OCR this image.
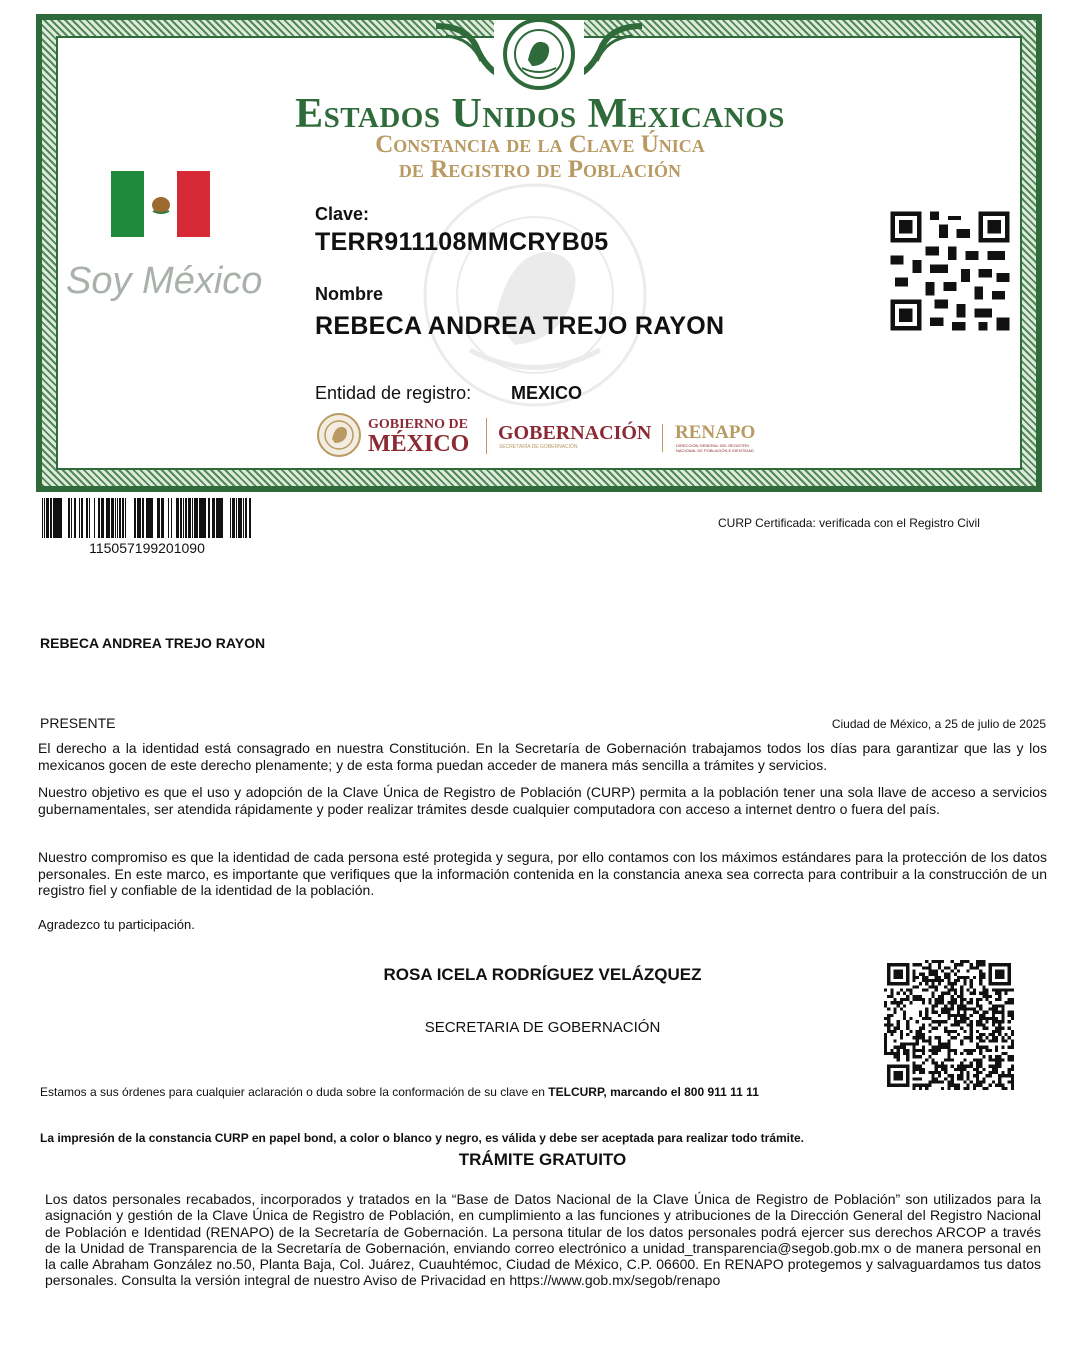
Estados Unidos Mexicanos
Constancia de la Clave Única
de Registro de Población
Soy México
Clave:
TERR911108MMCRYB05
Nombre
REBECA ANDREA TREJO RAYON
Entidad de registro: MEXICO
GOBIERNO DE
MÉXICO GOBERNACIÓN
SECRETARÍA DE GOBERNACIÓN
RENAPO
DIRECCIÓN GENERAL DEL REGISTRO
NACIONAL DE POBLACIÓN E IDENTIDAD
115057199201090
CURP Certificada: verificada con el Registro Civil
REBECA ANDREA TREJO RAYON
PRESENTE	Ciudad de México, a 25 de julio de 2025
El derecho a la identidad está consagrado en nuestra Constitución. En la Secretaría de Gobernación trabajamos todos los días para garantizar que las y los mexicanos gocen de este derecho plenamente; y de esta forma puedan acceder de manera más sencilla a trámites y servicios.
Nuestro objetivo es que el uso y adopción de la Clave Única de Registro de Población (CURP) permita a la población tener una sola llave de acceso a servicios gubernamentales, ser atendida rápidamente y poder realizar trámites desde cualquier computadora con acceso a internet dentro o fuera del país.
Nuestro compromiso es que la identidad de cada persona esté protegida y segura, por ello contamos con los máximos estándares para la protección de los datos personales. En este marco, es importante que verifiques que la información contenida en la constancia anexa sea correcta para contribuir a la construcción de un registro fiel y confiable de la identidad de la población.
Agradezco tu participación.
ROSA ICELA RODRÍGUEZ VELÁZQUEZ
SECRETARIA DE GOBERNACIÓN
Estamos a sus órdenes para cualquier aclaración o duda sobre la conformación de su clave en TELCURP, marcando el 800 911 11 11
La impresión de la constancia CURP en papel bond, a color o blanco y negro, es válida y debe ser aceptada para realizar todo trámite.
TRÁMITE GRATUITO
Los datos personales recabados, incorporados y tratados en la “Base de Datos Nacional de la Clave Única de Registro de Población” son utilizados para la asignación y gestión de la Clave Única de Registro de Población, en cumplimiento a las funciones y atribuciones de la Dirección General del Registro Nacional de Población e Identidad (RENAPO) de la Secretaría de Gobernación. La persona titular de los datos personales podrá ejercer sus derechos ARCOP a través de la Unidad de Transparencia de la Secretaría de Gobernación, enviando correo electrónico a unidad_transparencia@segob.gob.mx o de manera personal en la calle Abraham González no.50, Planta Baja, Col. Juárez, Cuauhtémoc, Ciudad de México, C.P. 06600. En RENAPO protegemos y salvaguardamos tus datos personales. Consulta la versión integral de nuestro Aviso de Privacidad en https://www.gob.mx/segob/renapo
